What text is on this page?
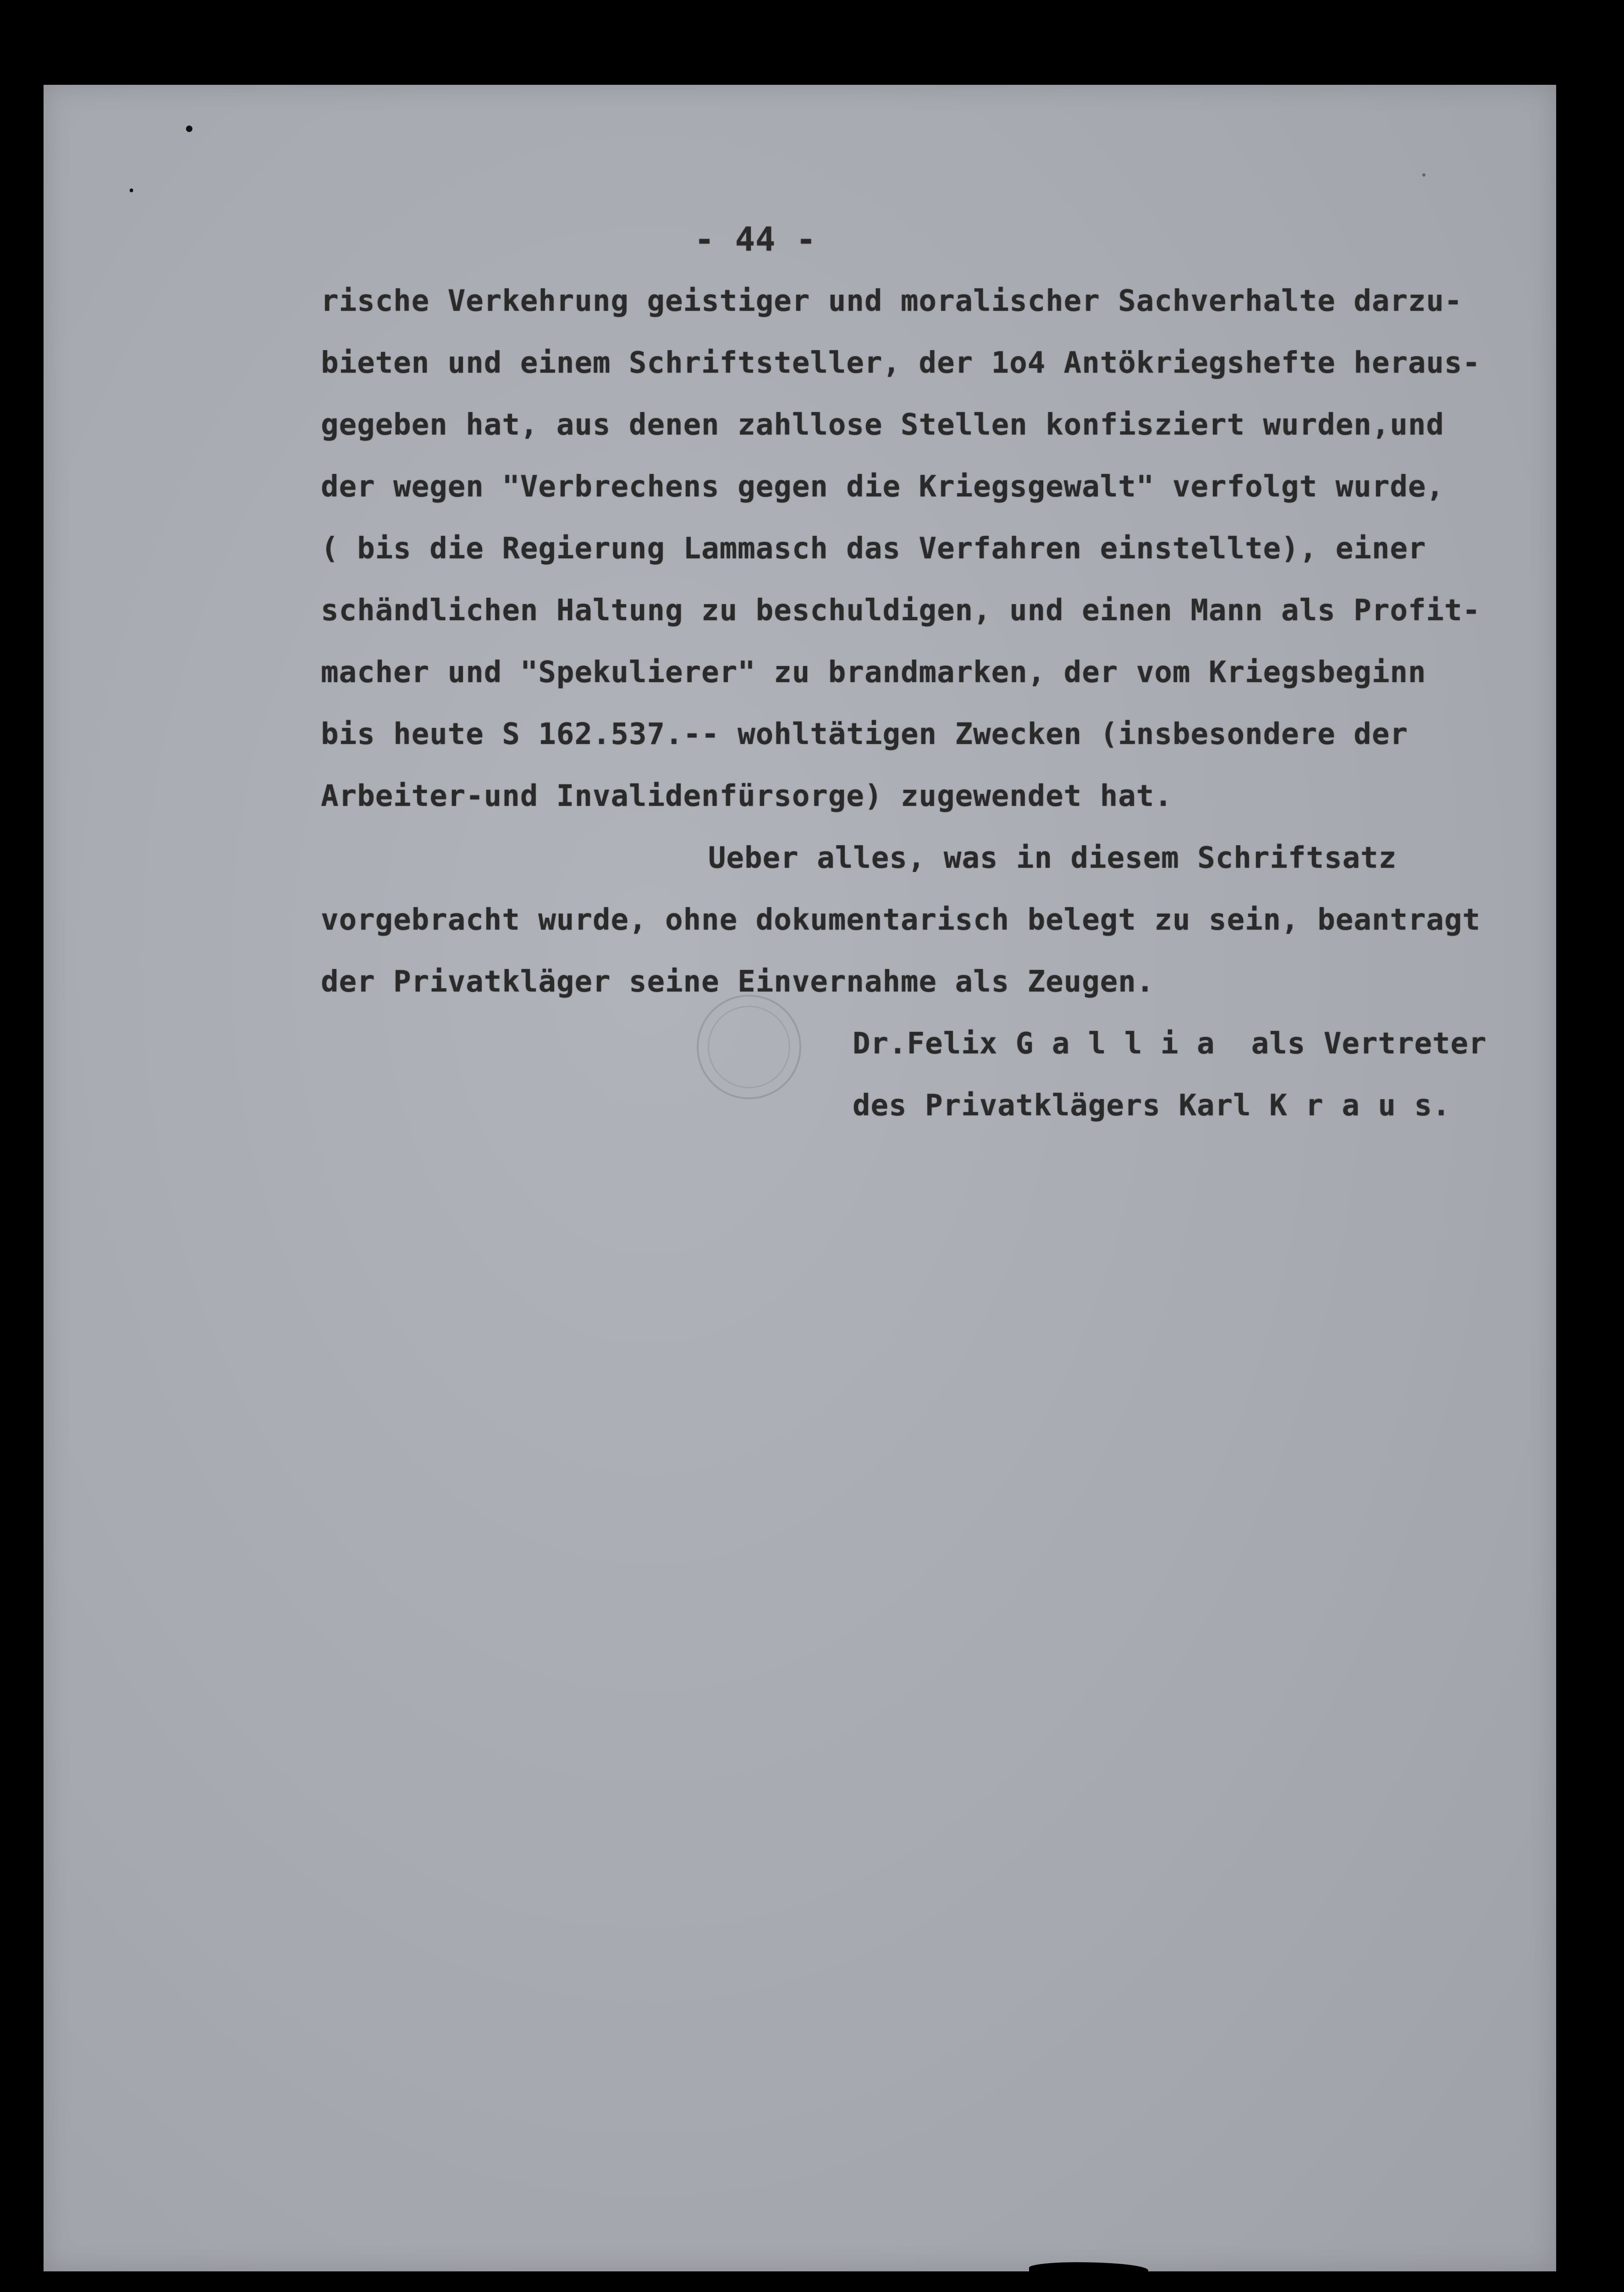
•
⸱
•
- 44 -
rische Verkehrung geistiger und moralischer Sachverhalte darzu-
bieten und einem Schriftsteller, der 1o4 Antökriegshefte heraus-
gegeben hat, aus denen zahllose Stellen konfisziert wurden,und
der wegen "Verbrechens gegen die Kriegsgewalt" verfolgt wurde,
( bis die Regierung Lammasch das Verfahren einstellte), einer
schändlichen Haltung zu beschuldigen, und einen Mann als Profit-
macher und "Spekulierer" zu brandmarken, der vom Kriegsbeginn
bis heute S 162.537.-- wohltätigen Zwecken (insbesondere der
Arbeiter-und Invalidenfürsorge) zugewendet hat.
Ueber alles, was in diesem Schriftsatz
vorgebracht wurde, ohne dokumentarisch belegt zu sein, beantragt
der Privatkläger seine Einvernahme als Zeugen.
Dr.Felix G a l l i a  als Vertreter
des Privatklägers Karl K r a u s.
